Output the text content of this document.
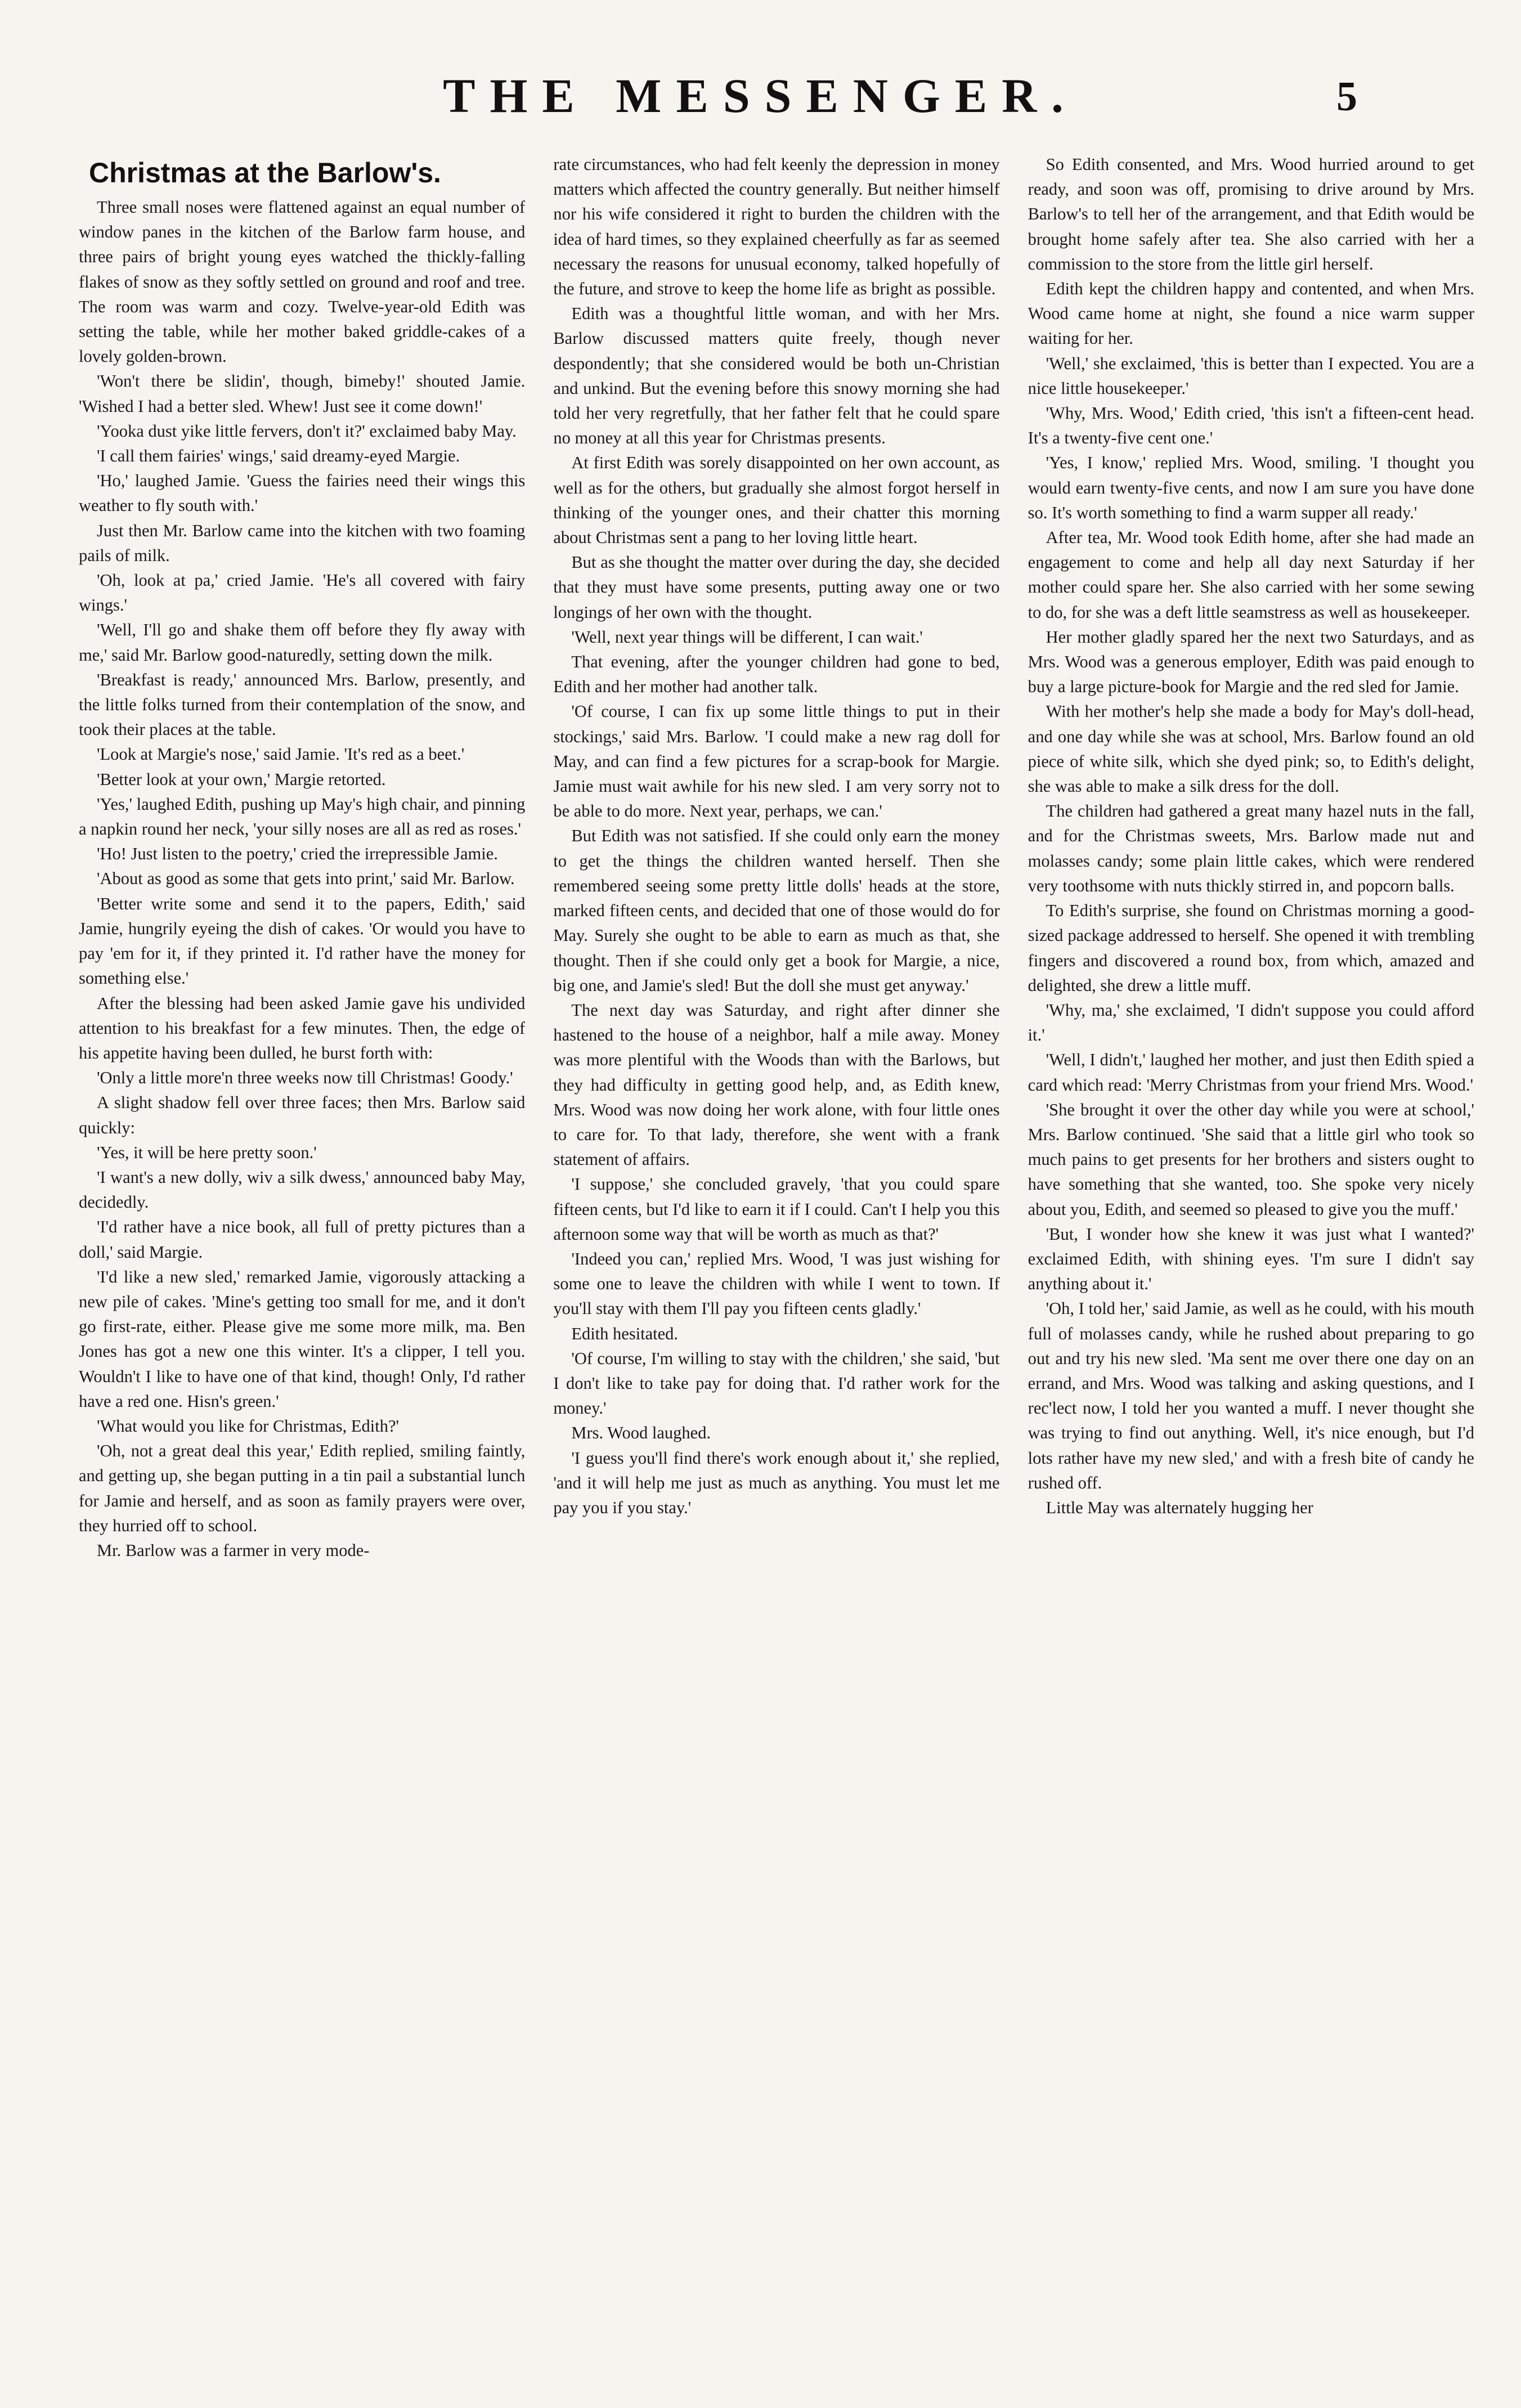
THE MESSENGER.	5
Christmas at the Barlow's.

Three small noses were flattened against an equal number of window panes in the kitchen of the Barlow farm house, and three pairs of bright young eyes watched the thickly-falling flakes of snow as they softly settled on ground and roof and tree. The room was warm and cozy. Twelve-year-old Edith was setting the table, while her mother baked griddle-cakes of a lovely golden-brown.

'Won't there be slidin', though, bimeby!' shouted Jamie. 'Wished I had a better sled. Whew! Just see it come down!'

'Yooka dust yike little fervers, don't it?' exclaimed baby May.

'I call them fairies' wings,' said dreamy-eyed Margie.

'Ho,' laughed Jamie. 'Guess the fairies need their wings this weather to fly south with.'

Just then Mr. Barlow came into the kitchen with two foaming pails of milk.

'Oh, look at pa,' cried Jamie. 'He's all covered with fairy wings.'

'Well, I'll go and shake them off before they fly away with me,' said Mr. Barlow good-naturedly, setting down the milk.

'Breakfast is ready,' announced Mrs. Barlow, presently, and the little folks turned from their contemplation of the snow, and took their places at the table.

'Look at Margie's nose,' said Jamie. 'It's red as a beet.'

'Better look at your own,' Margie retorted.

'Yes,' laughed Edith, pushing up May's high chair, and pinning a napkin round her neck, 'your silly noses are all as red as roses.'

'Ho! Just listen to the poetry,' cried the irrepressible Jamie.

'About as good as some that gets into print,' said Mr. Barlow.

'Better write some and send it to the papers, Edith,' said Jamie, hungrily eyeing the dish of cakes. 'Or would you have to pay 'em for it, if they printed it. I'd rather have the money for something else.'

After the blessing had been asked Jamie gave his undivided attention to his breakfast for a few minutes. Then, the edge of his appetite having been dulled, he burst forth with:

'Only a little more'n three weeks now till Christmas! Goody.'

A slight shadow fell over three faces; then Mrs. Barlow said quickly:

'Yes, it will be here pretty soon.'

'I want's a new dolly, wiv a silk dwess,' announced baby May, decidedly.

'I'd rather have a nice book, all full of pretty pictures than a doll,' said Margie.

'I'd like a new sled,' remarked Jamie, vigorously attacking a new pile of cakes. 'Mine's getting too small for me, and it don't go first-rate, either. Please give me some more milk, ma. Ben Jones has got a new one this winter. It's a clipper, I tell you. Wouldn't I like to have one of that kind, though! Only, I'd rather have a red one. Hisn's green.'

'What would you like for Christmas, Edith?'

'Oh, not a great deal this year,' Edith replied, smiling faintly, and getting up, she began putting in a tin pail a substantial lunch for Jamie and herself, and as soon as family prayers were over, they hurried off to school.

Mr. Barlow was a farmer in very mode-

rate circumstances, who had felt keenly the depression in money matters which affected the country generally. But neither himself nor his wife considered it right to burden the children with the idea of hard times, so they explained cheerfully as far as seemed necessary the reasons for unusual economy, talked hopefully of the future, and strove to keep the home life as bright as possible.

Edith was a thoughtful little woman, and with her Mrs. Barlow discussed matters quite freely, though never despondently; that she considered would be both un-Christian and unkind. But the evening before this snowy morning she had told her very regretfully, that her father felt that he could spare no money at all this year for Christmas presents.

At first Edith was sorely disappointed on her own account, as well as for the others, but gradually she almost forgot herself in thinking of the younger ones, and their chatter this morning about Christmas sent a pang to her loving little heart.

But as she thought the matter over during the day, she decided that they must have some presents, putting away one or two longings of her own with the thought.

'Well, next year things will be different, I can wait.'

That evening, after the younger children had gone to bed, Edith and her mother had another talk.

'Of course, I can fix up some little things to put in their stockings,' said Mrs. Barlow. 'I could make a new rag doll for May, and can find a few pictures for a scrap-book for Margie. Jamie must wait awhile for his new sled. I am very sorry not to be able to do more. Next year, perhaps, we can.'

But Edith was not satisfied. If she could only earn the money to get the things the children wanted herself. Then she remembered seeing some pretty little dolls' heads at the store, marked fifteen cents, and decided that one of those would do for May. Surely she ought to be able to earn as much as that, she thought. Then if she could only get a book for Margie, a nice, big one, and Jamie's sled! But the doll she must get anyway.'

The next day was Saturday, and right after dinner she hastened to the house of a neighbor, half a mile away. Money was more plentiful with the Woods than with the Barlows, but they had difficulty in getting good help, and, as Edith knew, Mrs. Wood was now doing her work alone, with four little ones to care for. To that lady, therefore, she went with a frank statement of affairs.

'I suppose,' she concluded gravely, 'that you could spare fifteen cents, but I'd like to earn it if I could. Can't I help you this afternoon some way that will be worth as much as that?'

'Indeed you can,' replied Mrs. Wood, 'I was just wishing for some one to leave the children with while I went to town. If you'll stay with them I'll pay you fifteen cents gladly.'

Edith hesitated.

'Of course, I'm willing to stay with the children,' she said, 'but I don't like to take pay for doing that. I'd rather work for the money.'

Mrs. Wood laughed.

'I guess you'll find there's work enough about it,' she replied, 'and it will help me just as much as anything. You must let me pay you if you stay.'

So Edith consented, and Mrs. Wood hurried around to get ready, and soon was off, promising to drive around by Mrs. Barlow's to tell her of the arrangement, and that Edith would be brought home safely after tea. She also carried with her a commission to the store from the little girl herself.

Edith kept the children happy and contented, and when Mrs. Wood came home at night, she found a nice warm supper waiting for her.

'Well,' she exclaimed, 'this is better than I expected. You are a nice little housekeeper.'

'Why, Mrs. Wood,' Edith cried, 'this isn't a fifteen-cent head. It's a twenty-five cent one.'

'Yes, I know,' replied Mrs. Wood, smiling. 'I thought you would earn twenty-five cents, and now I am sure you have done so. It's worth something to find a warm supper all ready.'

After tea, Mr. Wood took Edith home, after she had made an engagement to come and help all day next Saturday if her mother could spare her. She also carried with her some sewing to do, for she was a deft little seamstress as well as housekeeper.

Her mother gladly spared her the next two Saturdays, and as Mrs. Wood was a generous employer, Edith was paid enough to buy a large picture-book for Margie and the red sled for Jamie.

With her mother's help she made a body for May's doll-head, and one day while she was at school, Mrs. Barlow found an old piece of white silk, which she dyed pink; so, to Edith's delight, she was able to make a silk dress for the doll.

The children had gathered a great many hazel nuts in the fall, and for the Christmas sweets, Mrs. Barlow made nut and molasses candy; some plain little cakes, which were rendered very toothsome with nuts thickly stirred in, and popcorn balls.

To Edith's surprise, she found on Christmas morning a good-sized package addressed to herself. She opened it with trembling fingers and discovered a round box, from which, amazed and delighted, she drew a little muff.

'Why, ma,' she exclaimed, 'I didn't suppose you could afford it.'

'Well, I didn't,' laughed her mother, and just then Edith spied a card which read: 'Merry Christmas from your friend Mrs. Wood.'

'She brought it over the other day while you were at school,' Mrs. Barlow continued. 'She said that a little girl who took so much pains to get presents for her brothers and sisters ought to have something that she wanted, too. She spoke very nicely about you, Edith, and seemed so pleased to give you the muff.'

'But, I wonder how she knew it was just what I wanted?' exclaimed Edith, with shining eyes. 'I'm sure I didn't say anything about it.'

'Oh, I told her,' said Jamie, as well as he could, with his mouth full of molasses candy, while he rushed about preparing to go out and try his new sled. 'Ma sent me over there one day on an errand, and Mrs. Wood was talking and asking questions, and I rec'lect now, I told her you wanted a muff. I never thought she was trying to find out anything. Well, it's nice enough, but I'd lots rather have my new sled,' and with a fresh bite of candy he rushed off.

Little May was alternately hugging her
